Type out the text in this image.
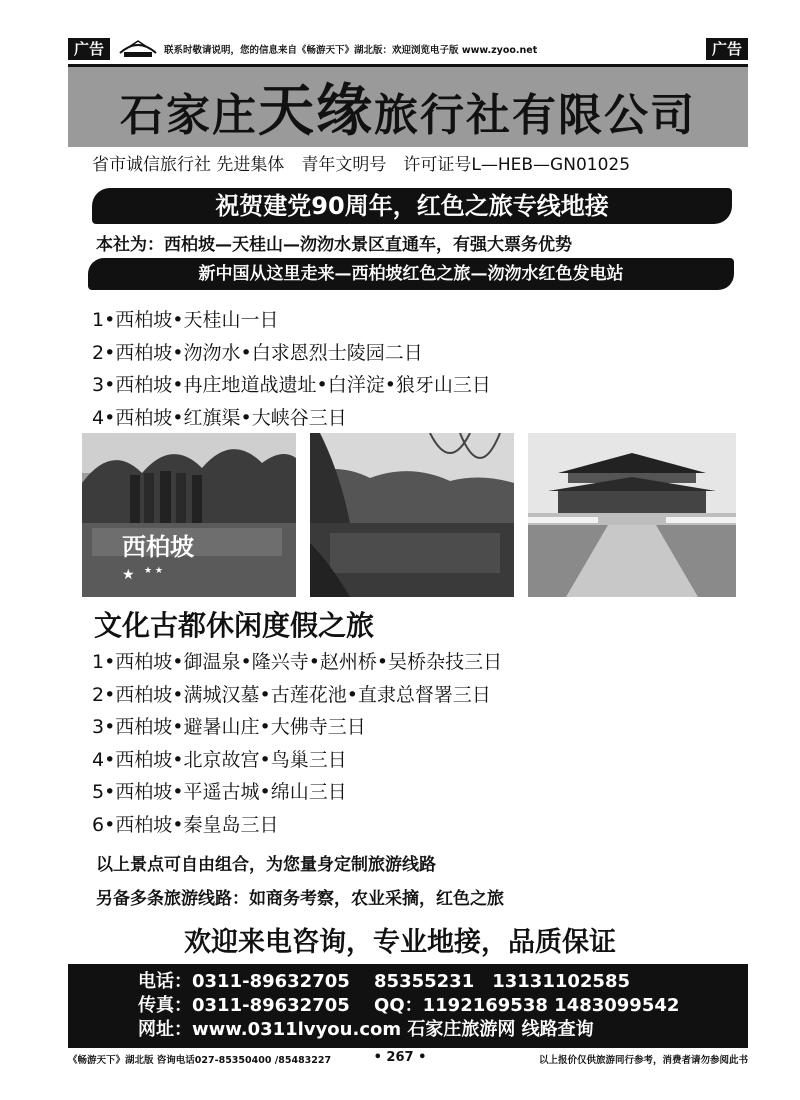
广告	联系时敬请说明，您的信息来自《畅游天下》湖北版：欢迎浏览电子版 www.zyoo.net	广告
石家庄天缘旅行社有限公司
省市诚信旅行社 先进集体　青年文明号　许可证号L—HEB—GN01025
祝贺建党90周年，红色之旅专线地接
本社为：西柏坡—天桂山—沕沕水景区直通车，有强大票务优势
新中国从这里走来—西柏坡红色之旅—沕沕水红色发电站
1•西柏坡•天桂山一日
2•西柏坡•沕沕水•白求恩烈士陵园二日
3•西柏坡•冉庄地道战遗址•白洋淀•狼牙山三日
4•西柏坡•红旗渠•大峡谷三日
西柏坡
★ ★ ★
文化古都休闲度假之旅
1•西柏坡•御温泉•隆兴寺•赵州桥•吴桥杂技三日
2•西柏坡•满城汉墓•古莲花池•直隶总督署三日
3•西柏坡•避暑山庄•大佛寺三日
4•西柏坡•北京故宫•鸟巢三日
5•西柏坡•平遥古城•绵山三日
6•西柏坡•秦皇岛三日
以上景点可自由组合，为您量身定制旅游线路
另备多条旅游线路：如商务考察，农业采摘，红色之旅
欢迎来电咨询，专业地接，品质保证
电话：0311-89632705　 85355231　13131102585
传真：0311-89632705　 QQ：1192169538 1483099542
网址：www.0311lvyou.com 石家庄旅游网 线路查询
《畅游天下》湖北版 咨询电话027-85350400 /85483227	• 267 •	以上报价仅供旅游同行参考，消费者请勿参阅此书
